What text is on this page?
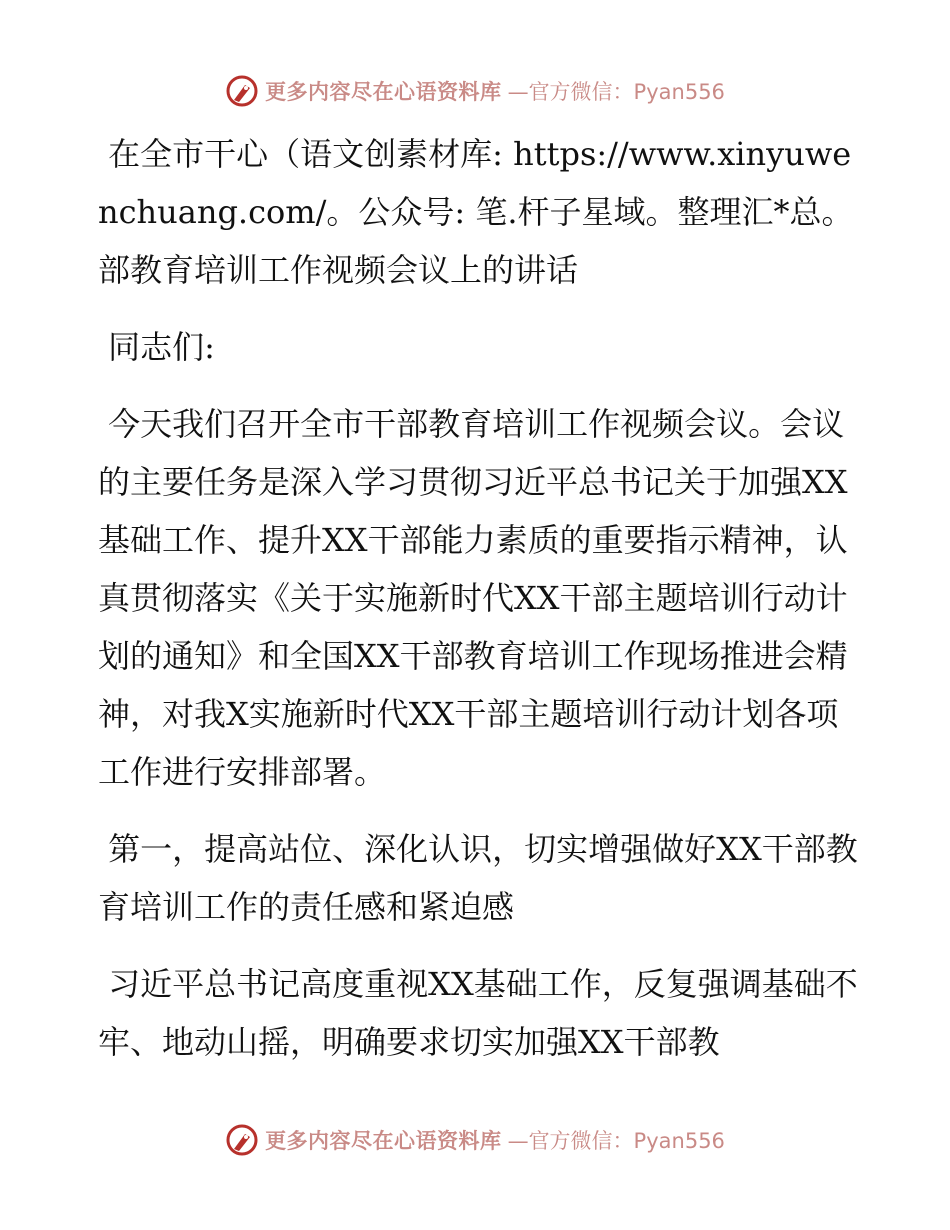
更多内容尽在心语资料库 —官方微信：Pyan556

在全市干心（语文创素材库: https://www.xinyuwenchuang.com/。公众号: 笔.杆子星域。整理汇*总。部教育培训工作视频会议上的讲话

同志们:

今天我们召开全市干部教育培训工作视频会议。会议的主要任务是深入学习贯彻习近平总书记关于加强XX基础工作、提升XX干部能力素质的重要指示精神，认真贯彻落实《关于实施新时代XX干部主题培训行动计划的通知》和全国XX干部教育培训工作现场推进会精神，对我X实施新时代XX干部主题培训行动计划各项工作进行安排部署。

第一，提高站位、深化认识，切实增强做好XX干部教育培训工作的责任感和紧迫感

习近平总书记高度重视XX基础工作，反复强调基础不牢、地动山摇，明确要求切实加强XX干部教

更多内容尽在心语资料库 —官方微信：Pyan556
